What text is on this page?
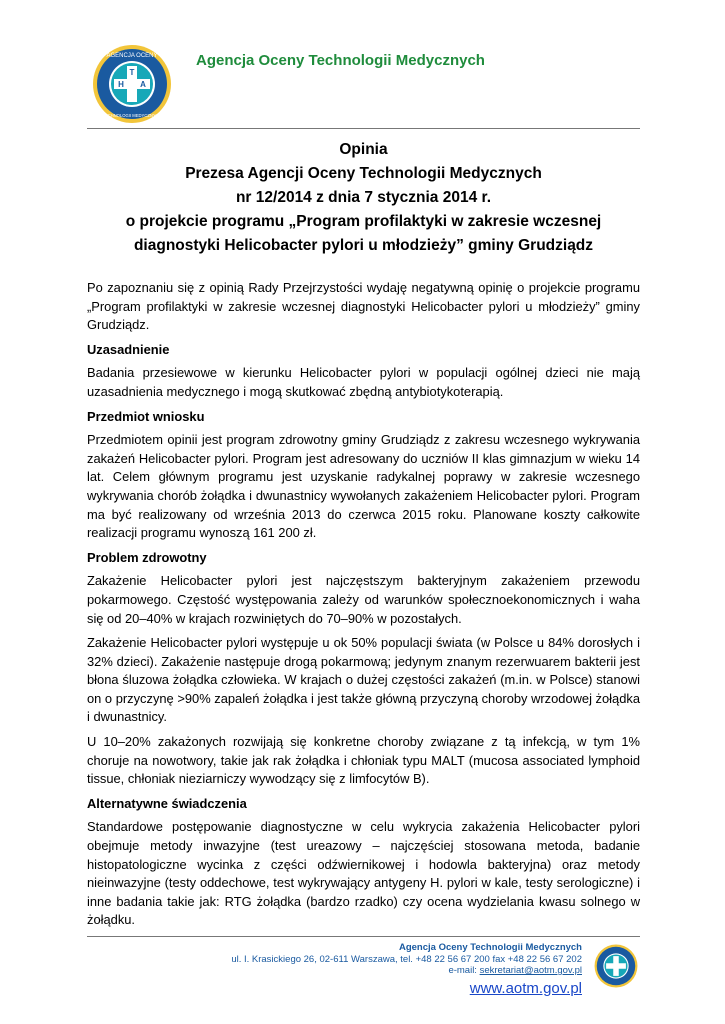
T
H A
AGENCJA OCENY
TECHNOLOGII MEDYCZNYCH
Agencja Oceny Technologii Medycznych
Opinia
Prezesa Agencji Oceny Technologii Medycznych
nr 12/2014 z dnia 7 stycznia 2014 r.
o projekcie programu „Program profilaktyki w zakresie wczesnej
diagnostyki Helicobacter pylori u młodzieży” gminy Grudziądz

Po zapoznaniu się z opinią Rady Przejrzystości wydaję negatywną opinię o projekcie programu „Program profilaktyki w zakresie wczesnej diagnostyki Helicobacter pylori u młodzieży” gminy Grudziądz.

Uzasadnienie

Badania przesiewowe w kierunku Helicobacter pylori w populacji ogólnej dzieci nie mają uzasadnienia medycznego i mogą skutkować zbędną antybiotykoterapią.

Przedmiot wniosku

Przedmiotem opinii jest program zdrowotny gminy Grudziądz z zakresu wczesnego wykrywania zakażeń Helicobacter pylori. Program jest adresowany do uczniów II klas gimnazjum w wieku 14 lat. Celem głównym programu jest uzyskanie radykalnej poprawy w zakresie wczesnego wykrywania chorób żołądka i dwunastnicy wywołanych zakażeniem Helicobacter pylori. Program ma być realizowany od września 2013 do czerwca 2015 roku. Planowane koszty całkowite realizacji programu wynoszą 161 200 zł.

Problem zdrowotny

Zakażenie Helicobacter pylori jest najczęstszym bakteryjnym zakażeniem przewodu pokarmowego. Częstość występowania zależy od warunków społecznoekonomicznych i waha się od 20–40% w krajach rozwiniętych do 70–90% w pozostałych.

Zakażenie Helicobacter pylori występuje u ok 50% populacji świata (w Polsce u 84% dorosłych i 32% dzieci). Zakażenie następuje drogą pokarmową; jedynym znanym rezerwuarem bakterii jest błona śluzowa żołądka człowieka. W krajach o dużej częstości zakażeń (m.in. w Polsce) stanowi on o przyczynę >90% zapaleń żołądka i jest także główną przyczyną choroby wrzodowej żołądka i dwunastnicy.

U 10–20% zakażonych rozwijają się konkretne choroby związane z tą infekcją, w tym 1% choruje na nowotwory, takie jak rak żołądka i chłoniak typu MALT (mucosa associated lymphoid tissue, chłoniak nieziarniczy wywodzący się z limfocytów B).

Alternatywne świadczenia

Standardowe postępowanie diagnostyczne w celu wykrycia zakażenia Helicobacter pylori obejmuje metody inwazyjne (test ureazowy – najczęściej stosowana metoda, badanie histopatologiczne wycinka z części odźwiernikowej i hodowla bakteryjna) oraz metody nieinwazyjne (testy oddechowe, test wykrywający antygeny H. pylori w kale, testy serologiczne) i inne badania takie jak: RTG żołądka (bardzo rzadko) czy ocena wydzielania kwasu solnego w żołądku.

Agencja Oceny Technologii Medycznych
ul. I. Krasickiego 26, 02-611 Warszawa, tel. +48 22 56 67 200 fax +48 22 56 67 202
e-mail: sekretariat@aotm.gov.pl
www.aotm.gov.pl
